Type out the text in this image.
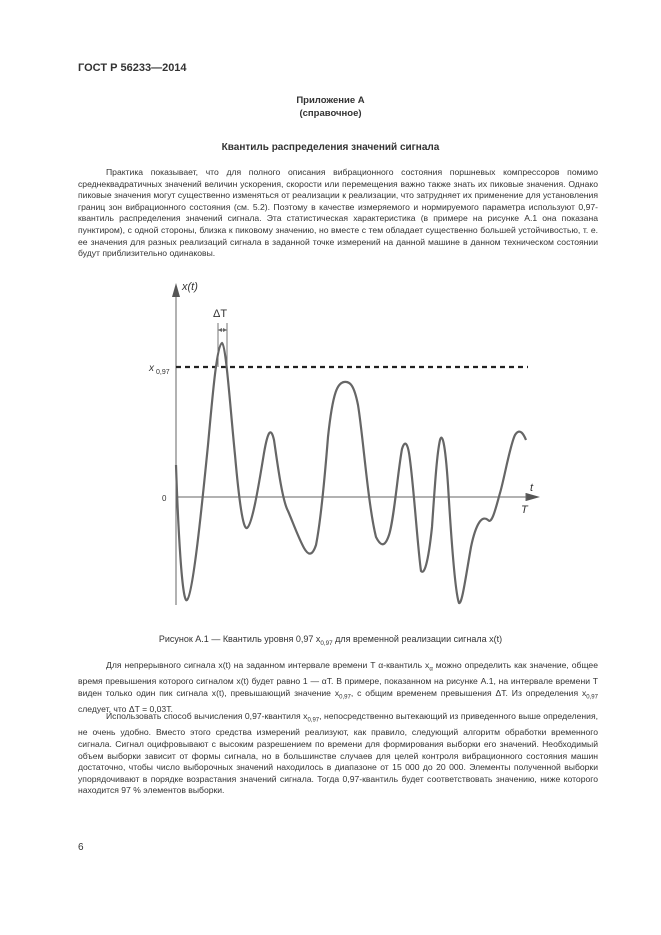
ГОСТ Р 56233—2014
Приложение А
(справочное)
Квантиль распределения значений сигнала
Практика показывает, что для полного описания вибрационного состояния поршневых компрессоров помимо среднеквадратичных значений величин ускорения, скорости или перемещения важно также знать их пиковые значения. Однако пиковые значения могут существенно изменяться от реализации к реализации, что затрудняет их применение для установления границ зон вибрационного состояния (см. 5.2). Поэтому в качестве измеряемого и нормируемого параметра используют 0,97-квантиль распределения значений сигнала. Эта статистическая характеристика (в примере на рисунке А.1 она показана пунктиром), с одной стороны, близка к пиковому значению, но вместе с тем обладает существенно большей устойчивостью, т. е. ее значения для разных реализаций сигнала в заданной точке измерений на данной машине в данном техническом состоянии будут приблизительно одинаковы.
x(t)
t
T
ΔT
x 0,97
0
Рисунок А.1 — Квантиль уровня 0,97 $x_{0,97}$ для временной реализации сигнала x(t)
Для непрерывного сигнала x(t) на заданном интервале времени T α-квантиль $x_\alpha$ можно определить как значение, общее время превышения которого сигналом x(t) будет равно 1 — αT. В примере, показанном на рисунке А.1, на интервале времени T виден только один пик сигнала x(t), превышающий значение $x_{0,97}$, с общим временем превышения ΔT. Из определения $x_{0,97}$ следует, что ΔT = 0,03T.
Использовать способ вычисления 0,97-квантиля $x_{0,97}$, непосредственно вытекающий из приведенного выше определения, не очень удобно. Вместо этого средства измерений реализуют, как правило, следующий алгоритм обработки временного сигнала. Сигнал оцифровывают с высоким разрешением по времени для формирования выборки его значений. Необходимый объем выборки зависит от формы сигнала, но в большинстве случаев для целей контроля вибрационного состояния машин достаточно, чтобы число выборочных значений находилось в диапазоне от 15 000 до 20 000. Элементы полученной выборки упорядочивают в порядке возрастания значений сигнала. Тогда 0,97-квантиль будет соответствовать значению, ниже которого находится 97 % элементов выборки.
6
